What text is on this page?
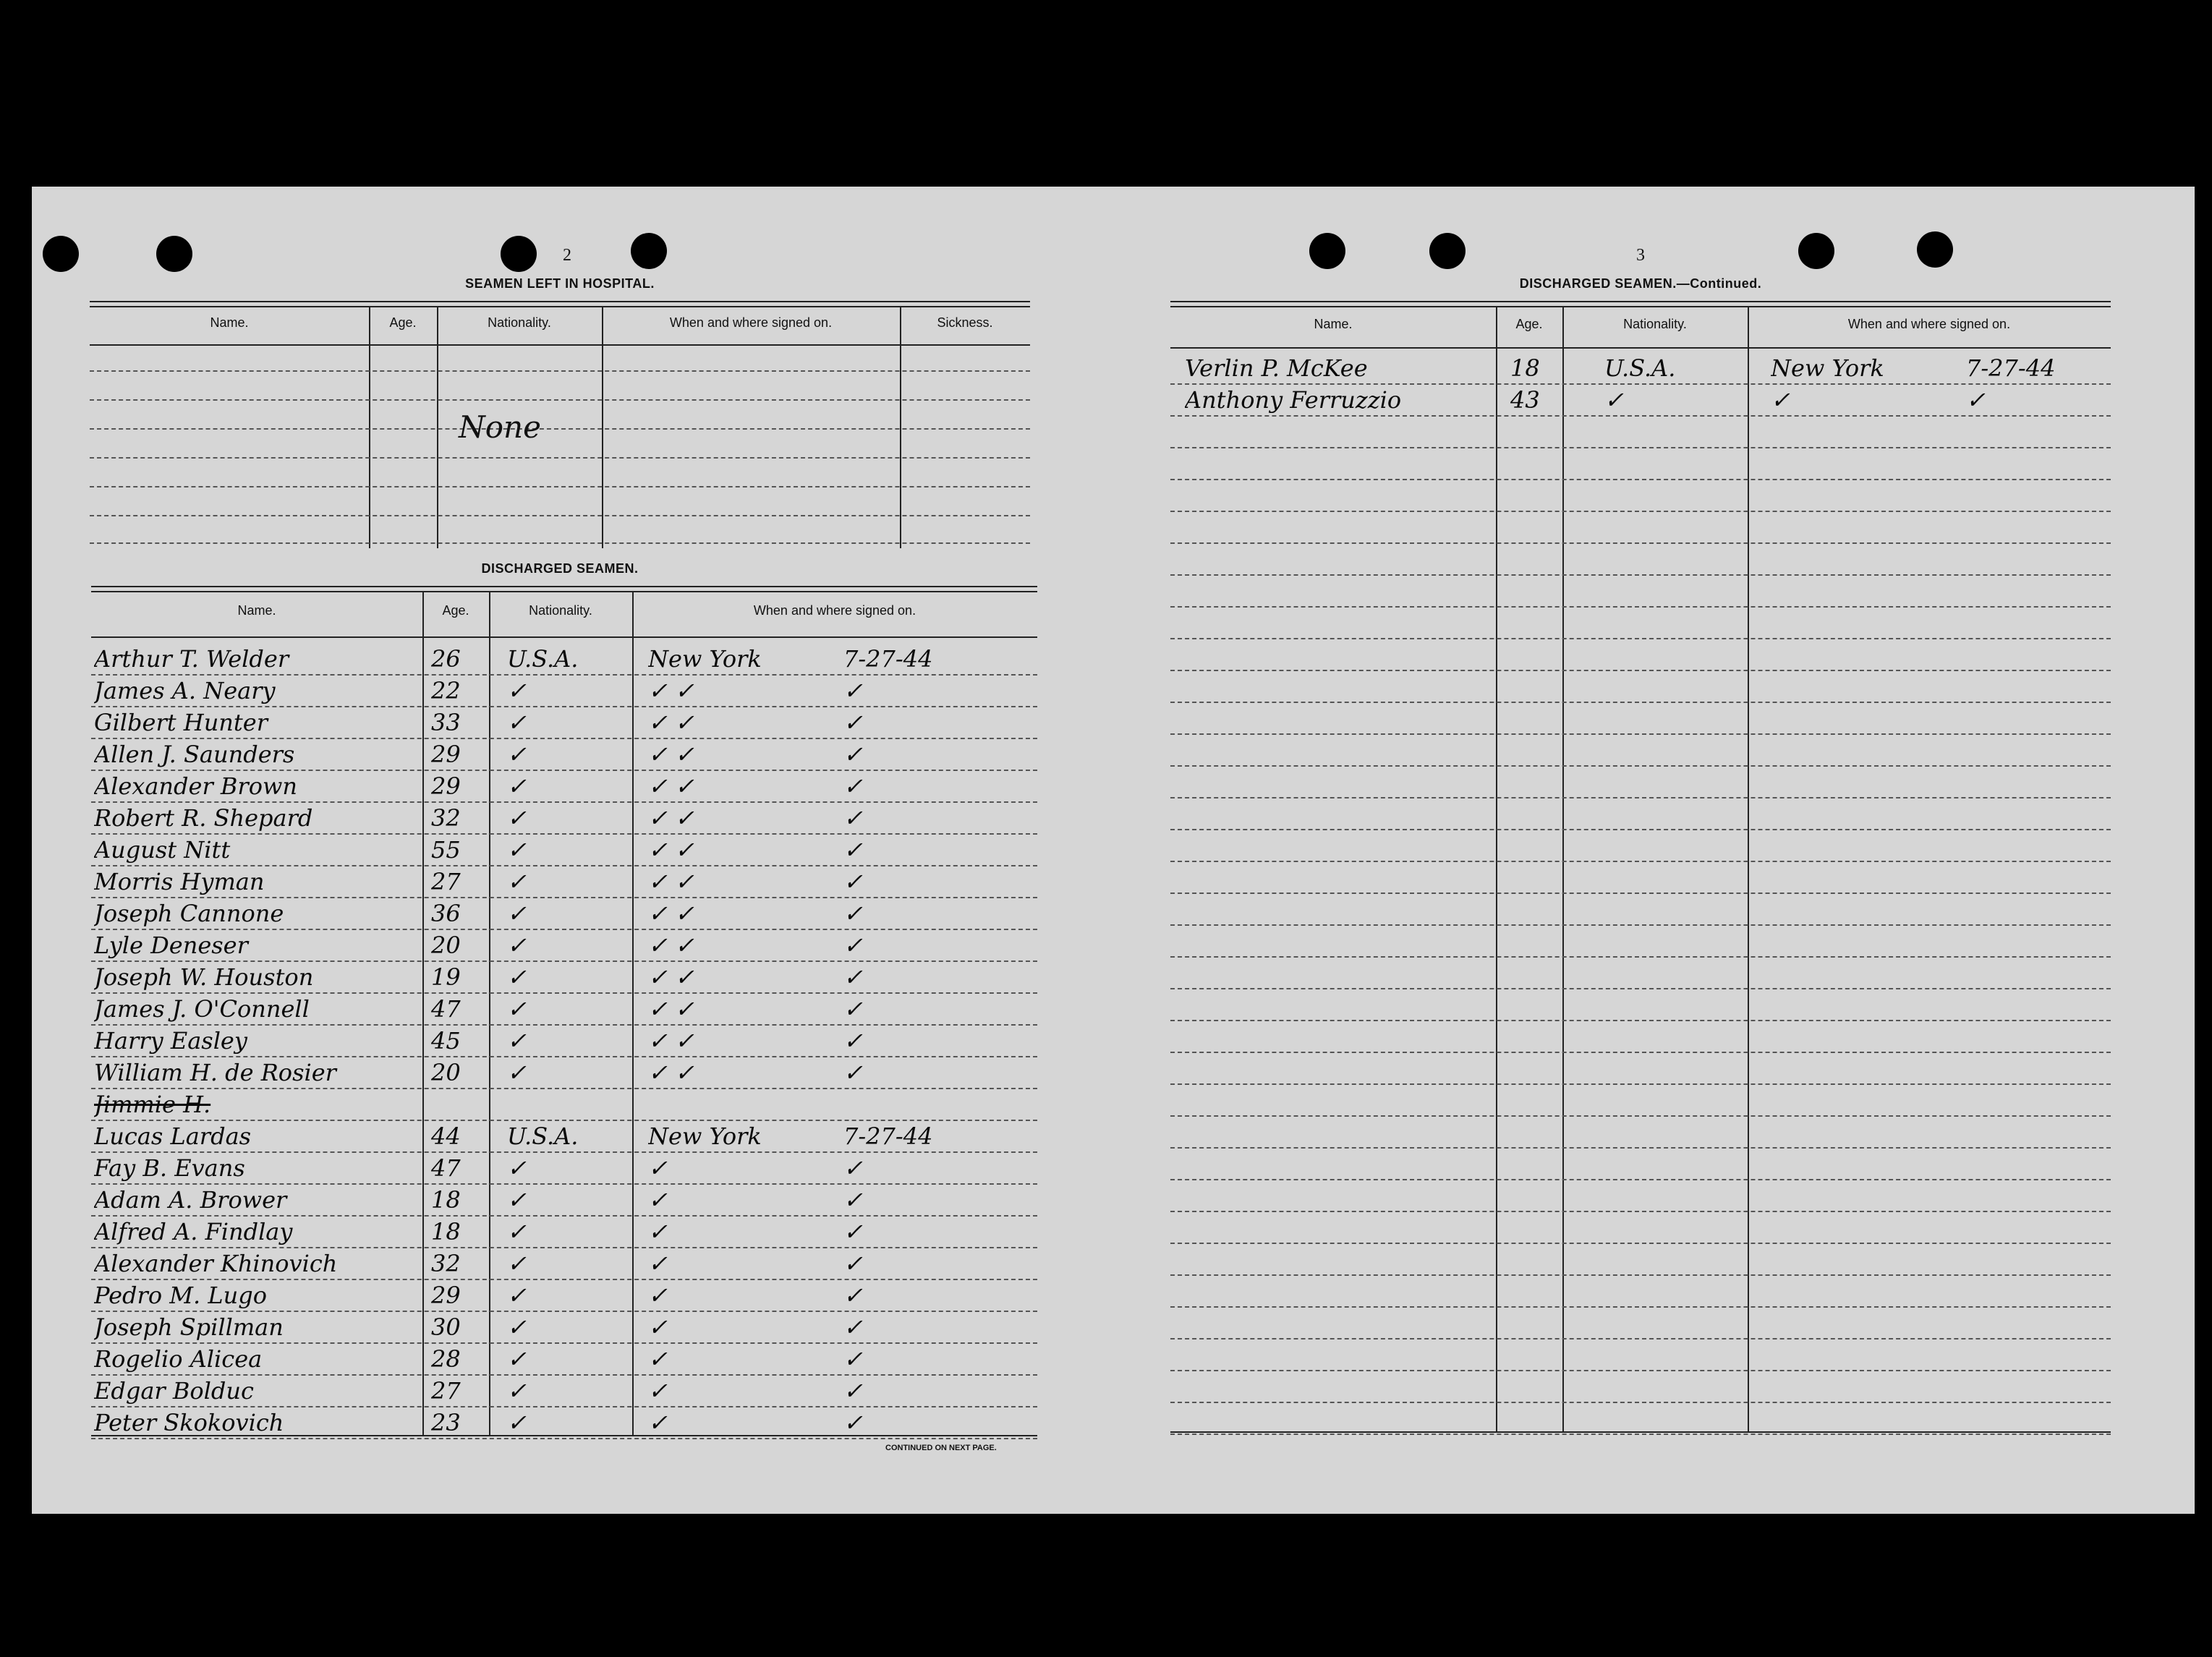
2
SEAMEN LEFT IN HOSPITAL.
Name.	Age.	Nationality.	When and where signed on.	Sickness.
None
DISCHARGED SEAMEN.
Name.	Age.	Nationality.	When and where signed on.
Arthur T. Welder	26	U.S.A.	New York	7-27-44
James A. Neary	22	✓	✓ ✓	✓
Gilbert Hunter	33	✓	✓ ✓	✓
Allen J. Saunders	29	✓	✓ ✓	✓
Alexander Brown	29	✓	✓ ✓	✓
Robert R. Shepard	32	✓	✓ ✓	✓
August Nitt	55	✓	✓ ✓	✓
Morris Hyman	27	✓	✓ ✓	✓
Joseph Cannone	36	✓	✓ ✓	✓
Lyle Deneser	20	✓	✓ ✓	✓
Joseph W. Houston	19	✓	✓ ✓	✓
James J. O'Connell	47	✓	✓ ✓	✓
Harry Easley	45	✓	✓ ✓	✓
William H. de Rosier	20	✓	✓ ✓	✓
Jimmie H.
Lucas Lardas	44	U.S.A.	New York	7-27-44
Fay B. Evans	47	✓	✓	✓
Adam A. Brower	18	✓	✓	✓
Alfred A. Findlay	18	✓	✓	✓
Alexander Khinovich	32	✓	✓	✓
Pedro M. Lugo	29	✓	✓	✓
Joseph Spillman	30	✓	✓	✓
Rogelio Alicea	28	✓	✓	✓
Edgar Bolduc	27	✓	✓	✓
Peter Skokovich	23	✓	✓	✓
CONTINUED ON NEXT PAGE.
3
DISCHARGED SEAMEN.—Continued.
Name.	Age.	Nationality.	When and where signed on.
Verlin P. McKee	18	U.S.A.	New York	7-27-44
Anthony Ferruzzio	43	✓	✓	✓
